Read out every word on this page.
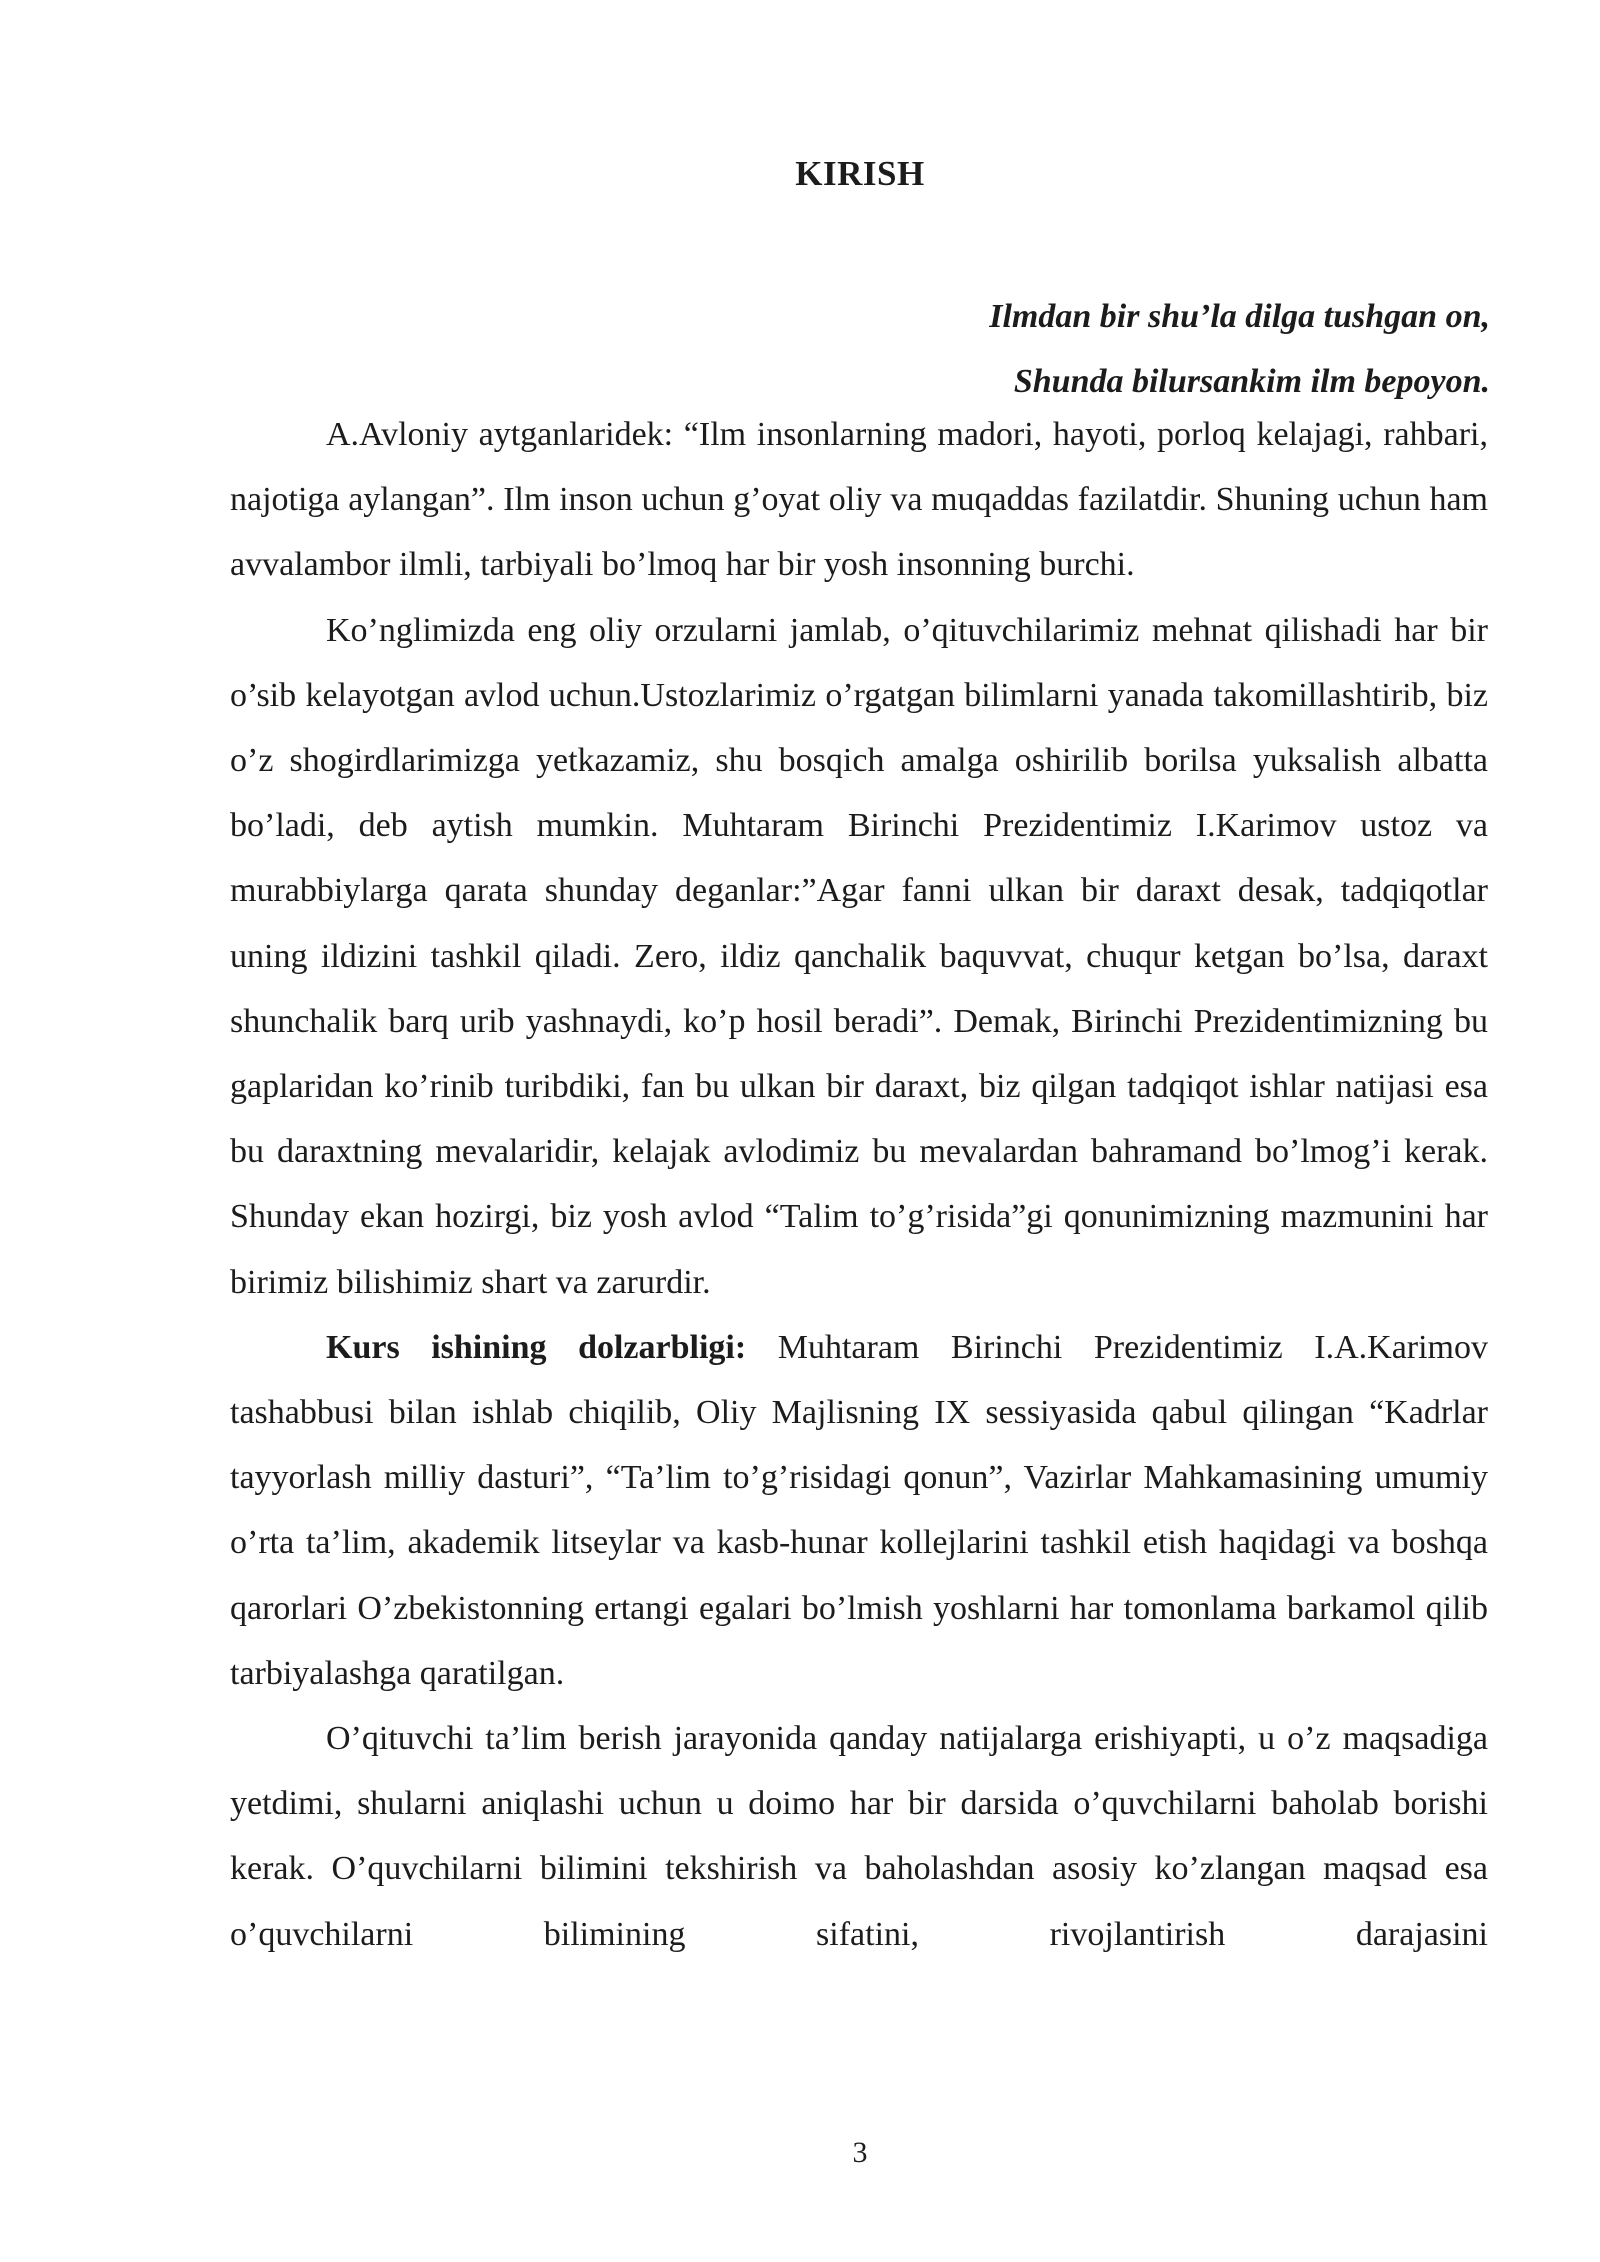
KIRISH
Ilmdan bir shu’la dilga tushgan on,
Shunda bilursankim ilm bepoyon.

A.Avloniy aytganlaridek: “Ilm insonlarning madori, hayoti, porloq kelajagi, rahbari, najotiga aylangan”. Ilm inson uchun g’oyat oliy va muqaddas fazilatdir. Shuning uchun ham avvalambor ilmli, tarbiyali bo’lmoq har bir yosh insonning burchi.

Ko’nglimizda eng oliy orzularni jamlab, o’qituvchilarimiz mehnat qilishadi har bir o’sib kelayotgan avlod uchun.Ustozlarimiz o’rgatgan bilimlarni yanada takomillashtirib, biz o’z shogirdlarimizga yetkazamiz, shu bosqich amalga oshirilib borilsa yuksalish albatta bo’ladi, deb aytish mumkin. Muhtaram Birinchi Prezidentimiz I.Karimov ustoz va murabbiylarga qarata shunday deganlar:”Agar fanni ulkan bir daraxt desak, tadqiqotlar uning ildizini tashkil qiladi. Zero, ildiz qanchalik baquvvat, chuqur ketgan bo’lsa, daraxt shunchalik barq urib yashnaydi, ko’p hosil beradi”. Demak, Birinchi Prezidentimizning bu gaplaridan ko’rinib turibdiki, fan bu ulkan bir daraxt, biz qilgan tadqiqot ishlar natijasi esa bu daraxtning mevalaridir, kelajak avlodimiz bu mevalardan bahramand bo’lmog’i kerak. Shunday ekan hozirgi, biz yosh avlod “Talim to’g’risida”gi qonunimizning mazmunini har birimiz bilishimiz shart va zarurdir.

Kurs ishining dolzarbligi: Muhtaram Birinchi Prezidentimiz I.A.Karimov tashabbusi bilan ishlab chiqilib, Oliy Majlisning IX sessiyasida qabul qilingan “Kadrlar tayyorlash milliy dasturi”, “Ta’lim to’g’risidagi qonun”, Vazirlar Mahkamasining umumiy o’rta ta’lim, akademik litseylar va kasb-hunar kollejlarini tashkil etish haqidagi va boshqa qarorlari O’zbekistonning ertangi egalari bo’lmish yoshlarni har tomonlama barkamol qilib tarbiyalashga qaratilgan.

O’qituvchi ta’lim berish jarayonida qanday natijalarga erishiyapti, u o’z maqsadiga yetdimi, shularni aniqlashi uchun u doimo har bir darsida o’quvchilarni baholab borishi kerak. O’quvchilarni bilimini tekshirish va baholashdan asosiy ko’zlangan maqsad esa o’quvchilarni bilimining sifatini, rivojlantirish darajasini

3
